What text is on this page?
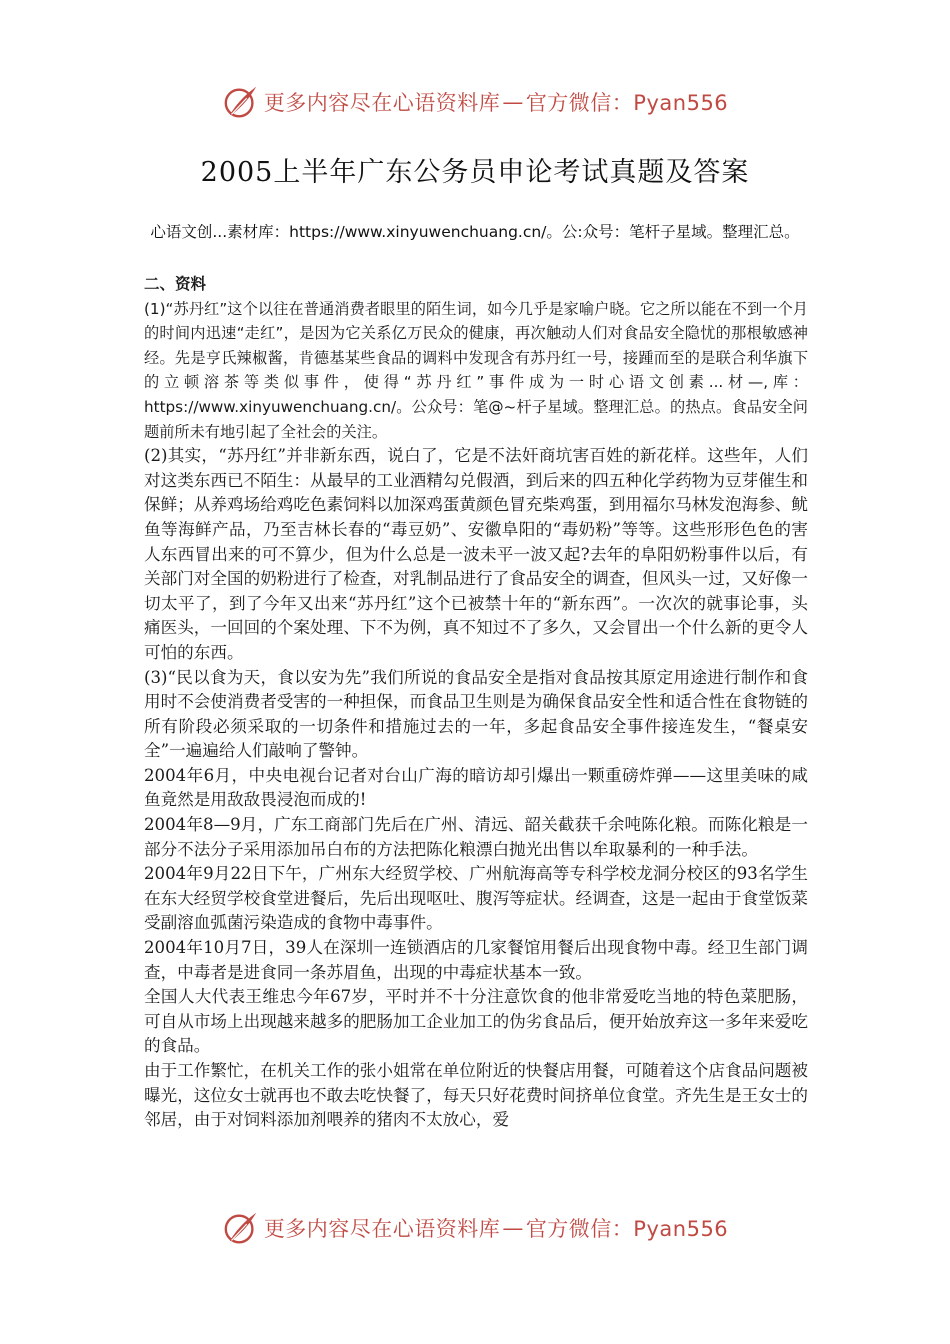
更多内容尽在心语资料库 — 官方微信：Pyan556
2005上半年广东公务员申论考试真题及答案
心语文创...素材库：https://www.xinyuwenchuang.cn/。公:众号：笔杆子星域。整理汇总。

二、资料

(1)“苏丹红”这个以往在普通消费者眼里的陌生词，如今几乎是家喻户晓。它之所以能在不到一个月的时间内迅速“走红”，是因为它关系亿万民众的健康，再次触动人们对食品安全隐忧的那根敏感神经。先是亨氏辣椒酱，肯德基某些食品的调料中发现含有苏丹红一号，接踵而至的是联合利华旗下的立顿溶茶等类似事件，使得“苏丹红”事件成为一时心语文创素...材—,库：https://www.xinyuwenchuang.cn/。公众号：笔@~杆子星域。整理汇总。的热点。食品安全问题前所未有地引起了全社会的关注。

(2)其实，“苏丹红”并非新东西，说白了，它是不法奸商坑害百姓的新花样。这些年，人们对这类东西已不陌生：从最早的工业酒精勾兑假酒，到后来的四五种化学药物为豆芽催生和保鲜；从养鸡场给鸡吃色素饲料以加深鸡蛋黄颜色冒充柴鸡蛋，到用福尔马林发泡海参、鱿鱼等海鲜产品，乃至吉林长春的“毒豆奶”、安徽阜阳的“毒奶粉”等等。这些形形色色的害人东西冒出来的可不算少，但为什么总是一波未平一波又起?去年的阜阳奶粉事件以后，有关部门对全国的奶粉进行了检查，对乳制品进行了食品安全的调查，但风头一过，又好像一切太平了，到了今年又出来“苏丹红”这个已被禁十年的“新东西”。一次次的就事论事，头痛医头，一回回的个案处理、下不为例，真不知过不了多久，又会冒出一个什么新的更令人可怕的东西。

(3)“民以食为天，食以安为先”我们所说的食品安全是指对食品按其原定用途进行制作和食用时不会使消费者受害的一种担保，而食品卫生则是为确保食品安全性和适合性在食物链的所有阶段必须采取的一切条件和措施过去的一年，多起食品安全事件接连发生，“餐桌安全”一遍遍给人们敲响了警钟。

2004年6月，中央电视台记者对台山广海的暗访却引爆出一颗重磅炸弹——这里美味的咸鱼竟然是用敌敌畏浸泡而成的!

2004年8—9月，广东工商部门先后在广州、清远、韶关截获千余吨陈化粮。而陈化粮是一部分不法分子采用添加吊白布的方法把陈化粮漂白抛光出售以牟取暴利的一种手法。

2004年9月22日下午，广州东大经贸学校、广州航海高等专科学校龙洞分校区的93名学生在东大经贸学校食堂进餐后，先后出现呕吐、腹泻等症状。经调查，这是一起由于食堂饭菜受副溶血弧菌污染造成的食物中毒事件。

2004年10月7日，39人在深圳一连锁酒店的几家餐馆用餐后出现食物中毒。经卫生部门调查，中毒者是进食同一条苏眉鱼，出现的中毒症状基本一致。

全国人大代表王维忠今年67岁，平时并不十分注意饮食的他非常爱吃当地的特色菜肥肠，可自从市场上出现越来越多的肥肠加工企业加工的伪劣食品后，便开始放弃这一多年来爱吃的食品。

由于工作繁忙，在机关工作的张小姐常在单位附近的快餐店用餐，可随着这个店食品问题被曝光，这位女士就再也不敢去吃快餐了，每天只好花费时间挤单位食堂。齐先生是王女士的邻居，由于对饲料添加剂喂养的猪肉不太放心，爱

更多内容尽在心语资料库 — 官方微信：Pyan556
